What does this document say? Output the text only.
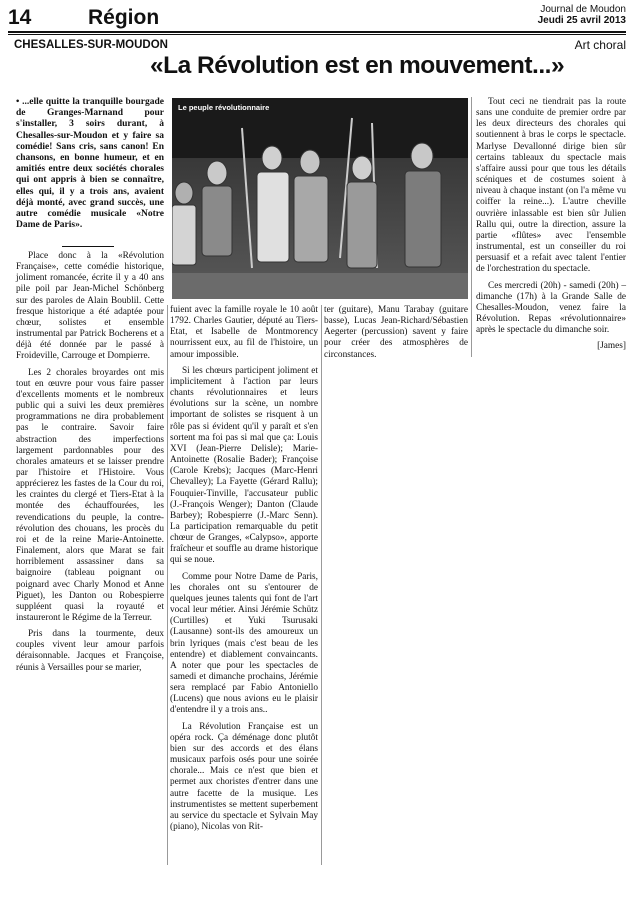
14	Région	Journal de Moudon
Jeudi 25 avril 2013
CHESALLES-SUR-MOUDON	Art choral
«La Révolution est en mouvement...»
• ...elle quitte la tranquille bourgade de Granges-Marnand pour s'installer, 3 soirs durant, à Chesalles-sur-Moudon et y faire sa comédie! Sans cris, sans canon! En chansons, en bonne humeur, et en amitiés entre deux sociétés chorales qui ont appris à bien se connaître, elles qui, il y a trois ans, avaient déjà monté, avec grand succès, une autre comédie musicale «Notre Dame de Paris».
Le peuple révolutionnaire

Place donc à la «Révolution Française», cette comédie historique, joliment romancée, écrite il y a 40 ans pile poil par Jean-Michel Schönberg sur des paroles de Alain Boublil. Cette fresque historique a été adaptée pour chœur, solistes et ensemble instrumental par Patrick Bocherens et a déjà été donnée par le passé à Froideville, Carrouge et Dompierre.

Les 2 chorales broyardes ont mis tout en œuvre pour vous faire passer d'excellents moments et le nombreux public qui a suivi les deux premières programmations ne dira probablement pas le contraire. Savoir faire abstraction des imperfections largement pardonnables pour des chorales amateurs et se laisser prendre par l'histoire et l'Histoire. Vous apprécierez les fastes de la Cour du roi, les craintes du clergé et Tiers-Etat à la montée des échauffourées, les revendications du peuple, la contre-révolution des chouans, les procès du roi et de la reine Marie-Antoinette. Finalement, alors que Marat se fait horriblement assassiner dans sa baignoire (tableau poignant ou poignard avec Charly Monod et Anne Piguet), les Danton ou Robespierre suppléent quasi la royauté et instaureront le Régime de la Terreur.

Pris dans la tourmente, deux couples vivent leur amour parfois déraisonnable. Jacques et Françoise, réunis à Versailles pour se marier,

fuient avec la famille royale le 10 août 1792. Charles Gautier, député au Tiers-Etat, et Isabelle de Montmorency nourrissent eux, au fil de l'histoire, un amour impossible.

Si les chœurs participent joliment et implicitement à l'action par leurs chants révolutionnaires et leurs évolutions sur la scène, un nombre important de solistes se risquent à un rôle pas si évident qu'il y paraît et s'en sortent ma foi pas si mal que ça: Louis XVI (Jean-Pierre Delisle); Marie-Antoinette (Rosalie Bader); Françoise (Carole Krebs); Jacques (Marc-Henri Chevalley); La Fayette (Gérard Rallu); Fouquier-Tinville, l'accusateur public (J.-François Wenger); Danton (Claude Barbey); Robespierre (J.-Marc Senn). La participation remarquable du petit chœur de Granges, «Calypso», apporte fraîcheur et souffle au drame historique qui se noue.

Comme pour Notre Dame de Paris, les chorales ont su s'entourer de quelques jeunes talents qui font de l'art vocal leur métier. Ainsi Jérémie Schütz (Curtilles) et Yuki Tsurusaki (Lausanne) sont-ils des amoureux un brin lyriques (mais c'est beau de les entendre) et diablement convaincants. A noter que pour les spectacles de samedi et dimanche prochains, Jérémie sera remplacé par Fabio Antoniello (Lucens) que nous avions eu le plaisir d'entendre il y a trois ans..

La Révolution Française est un opéra rock. Ça déménage donc plutôt bien sur des accords et des élans musicaux parfois osés pour une soirée chorale... Mais ce n'est que bien et permet aux choristes d'entrer dans une autre facette de la musique. Les instrumentistes se mettent superbement au service du spectacle et Sylvain May (piano), Nicolas von Rit-

ter (guitare), Manu Tarabay (guitare basse), Lucas Jean-Richard/Sébastien Aegerter (percussion) savent y faire pour créer des atmosphères de circonstances.

Tout ceci ne tiendrait pas la route sans une conduite de premier ordre par les deux directeurs des chorales qui soutiennent à bras le corps le spectacle. Marlyse Devallonné dirige bien sûr certains tableaux du spectacle mais s'affaire aussi pour que tous les détails scéniques et de costumes soient à niveau à chaque instant (on l'a même vu coiffer la reine...). L'autre cheville ouvrière inlassable est bien sûr Julien Rallu qui, outre la direction, assure la partie «flûtes» avec l'ensemble instrumental, est un conseiller du roi persuasif et a refait avec talent l'entier de l'orchestration du spectacle.

Ces mercredi (20h) - samedi (20h) – dimanche (17h) à la Grande Salle de Chesalles-Moudon, venez faire la Révolution. Repas «révolutionnaire» après le spectacle du dimanche soir.

[James]
